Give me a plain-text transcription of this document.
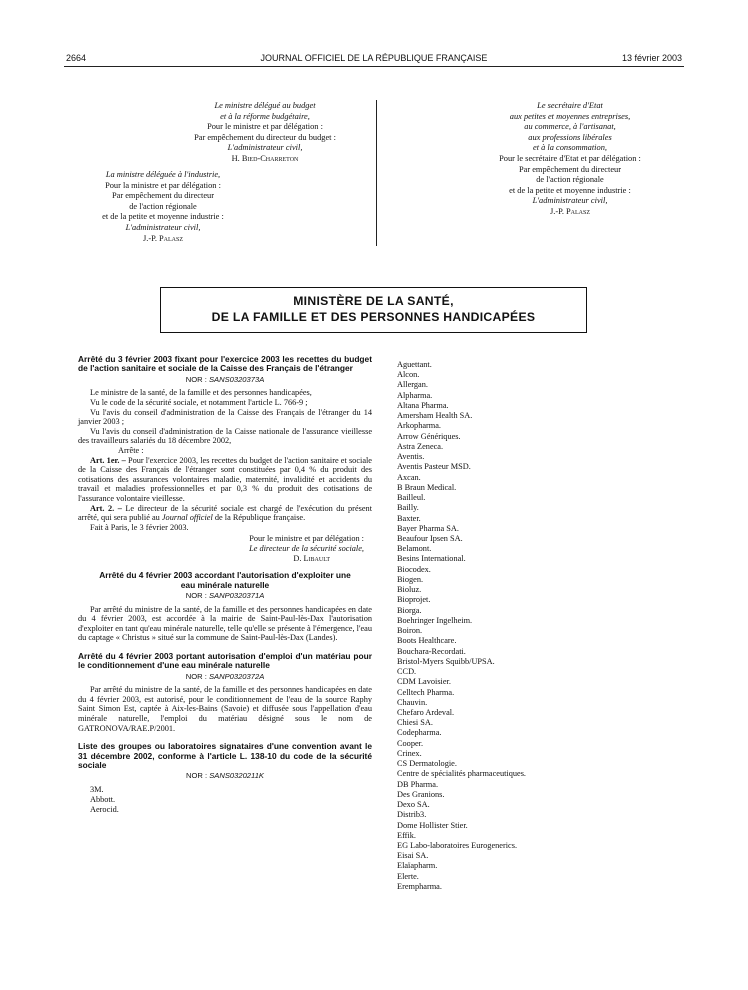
2664	JOURNAL OFFICIEL DE LA RÉPUBLIQUE FRANÇAISE	13 février 2003
Le ministre délégué au budget
et à la réforme budgétaire,
Pour le ministre et par délégation :
Par empêchement du directeur du budget :
L'administrateur civil,
H. Bied-Charreton
La ministre déléguée à l'industrie,
Pour la ministre et par délégation :
Par empêchement du directeur
de l'action régionale
et de la petite et moyenne industrie :
L'administrateur civil,
J.-P. Palasz
Le secrétaire d'Etat
aux petites et moyennes entreprises,
au commerce, à l'artisanat,
aux professions libérales
et à la consommation,
Pour le secrétaire d'Etat et par délégation :
Par empêchement du directeur
de l'action régionale
et de la petite et moyenne industrie :
L'administrateur civil,
J.-P. Palasz
MINISTÈRE DE LA SANTÉ,
DE LA FAMILLE ET DES PERSONNES HANDICAPÉES
Arrêté du 3 février 2003 fixant pour l'exercice 2003 les recettes du budget de l'action sanitaire et sociale de la Caisse des Français de l'étranger
NOR : SANS0320373A

Le ministre de la santé, de la famille et des personnes handicapées,

Vu le code de la sécurité sociale, et notamment l'article L. 766-9 ;

Vu l'avis du conseil d'administration de la Caisse des Français de l'étranger du 14 janvier 2003 ;

Vu l'avis du conseil d'administration de la Caisse nationale de l'assurance vieillesse des travailleurs salariés du 18 décembre 2002,

Arrête :

Art. 1er. – Pour l'exercice 2003, les recettes du budget de l'action sanitaire et sociale de la Caisse des Français de l'étranger sont constituées par 0,4 % du produit des cotisations des assurances volontaires maladie, maternité, invalidité et accidents du travail et maladies professionnelles et par 0,3 % du produit des cotisations de l'assurance volontaire vieillesse.

Art. 2. – Le directeur de la sécurité sociale est chargé de l'exécution du présent arrêté, qui sera publié au Journal officiel de la République française.

Fait à Paris, le 3 février 2003.

Pour le ministre et par délégation :
Le directeur de la sécurité sociale,
D. Libault
Arrêté du 4 février 2003 accordant l'autorisation d'exploiter une eau minérale naturelle
NOR : SANP0320371A

Par arrêté du ministre de la santé, de la famille et des personnes handicapées en date du 4 février 2003, est accordée à la mairie de Saint-Paul-lès-Dax l'autorisation d'exploiter en tant qu'eau minérale naturelle, telle qu'elle se présente à l'émergence, l'eau du captage « Christus » situé sur la commune de Saint-Paul-lès-Dax (Landes).

Arrêté du 4 février 2003 portant autorisation d'emploi d'un matériau pour le conditionnement d'une eau minérale naturelle
NOR : SANP0320372A

Par arrêté du ministre de la santé, de la famille et des personnes handicapées en date du 4 février 2003, est autorisé, pour le conditionnement de l'eau de la source Raphy Saint Simon Est, captée à Aix-les-Bains (Savoie) et diffusée sous l'appellation d'eau minérale naturelle, l'emploi du matériau désigné sous le nom de GATRONOVA/RAE.P/2001.

Liste des groupes ou laboratoires signataires d'une convention avant le 31 décembre 2002, conforme à l'article L. 138-10 du code de la sécurité sociale
NOR : SANS0320211K
3M.
Abbott.
Aerocid.
Aguettant.
Alcon.
Allergan.
Alpharma.
Altana Pharma.
Amersham Health SA.
Arkopharma.
Arrow Génériques.
Astra Zeneca.
Aventis.
Aventis Pasteur MSD.
Axcan.
B Braun Medical.
Bailleul.
Bailly.
Baxter.
Bayer Pharma SA.
Beaufour Ipsen SA.
Belamont.
Besins International.
Biocodex.
Biogen.
Bioluz.
Bioprojet.
Biorga.
Boehringer Ingelheim.
Boiron.
Boots Healthcare.
Bouchara-Recordati.
Bristol-Myers Squibb/UPSA.
CCD.
CDM Lavoisier.
Celltech Pharma.
Chauvin.
Chefaro Ardeval.
Chiesi SA.
Codepharma.
Cooper.
Crinex.
CS Dermatologie.
Centre de spécialités pharmaceutiques.
DB Pharma.
Des Granions.
Dexo SA.
Distrib3.
Dome Hollister Stier.
Effik.
EG Labo-laboratoires Eurogenerics.
Eisai SA.
Elaïapharm.
Elerte.
Erempharma.
